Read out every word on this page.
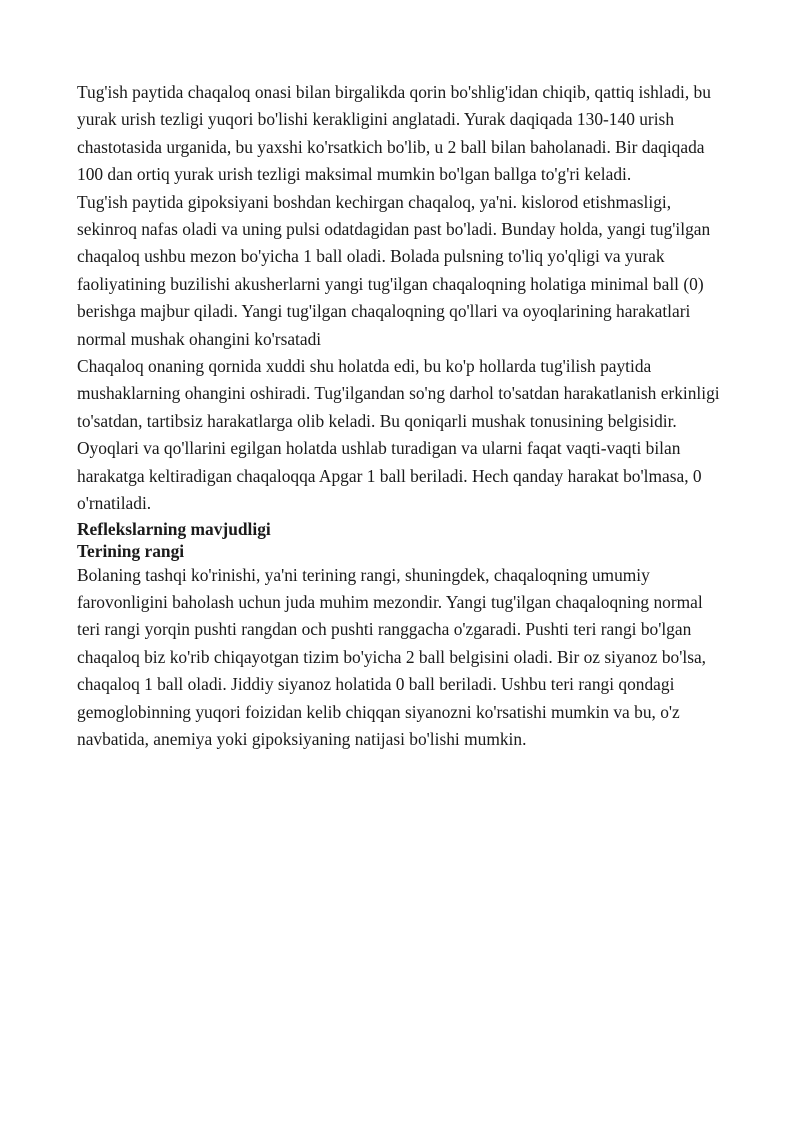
Tug'ish paytida chaqaloq onasi bilan birgalikda qorin bo'shlig'idan chiqib, qattiq ishladi, bu yurak urish tezligi yuqori bo'lishi kerakligini anglatadi. Yurak daqiqada 130-140 urish chastotasida urganida, bu yaxshi ko'rsatkich bo'lib, u 2 ball bilan baholanadi. Bir daqiqada 100 dan ortiq yurak urish tezligi maksimal mumkin bo'lgan ballga to'g'ri keladi.

Tug'ish paytida gipoksiyani boshdan kechirgan chaqaloq, ya'ni. kislorod etishmasligi, sekinroq nafas oladi va uning pulsi odatdagidan past bo'ladi. Bunday holda, yangi tug'ilgan chaqaloq ushbu mezon bo'yicha 1 ball oladi. Bolada pulsning to'liq yo'qligi va yurak faoliyatining buzilishi akusherlarni yangi tug'ilgan chaqaloqning holatiga minimal ball (0) berishga majbur qiladi. Yangi tug'ilgan chaqaloqning qo'llari va oyoqlarining harakatlari normal mushak ohangini ko'rsatadi

Chaqaloq onaning qornida xuddi shu holatda edi, bu ko'p hollarda tug'ilish paytida mushaklarning ohangini oshiradi. Tug'ilgandan so'ng darhol to'satdan harakatlanish erkinligi to'satdan, tartibsiz harakatlarga olib keladi. Bu qoniqarli mushak tonusining belgisidir.

Oyoqlari va qo'llarini egilgan holatda ushlab turadigan va ularni faqat vaqti-vaqti bilan harakatga keltiradigan chaqaloqqa Apgar 1 ball beriladi. Hech qanday harakat bo'lmasa, 0 o'rnatiladi.

Reflekslarning mavjudligi

Terining rangi

Bolaning tashqi ko'rinishi, ya'ni terining rangi, shuningdek, chaqaloqning umumiy farovonligini baholash uchun juda muhim mezondir. Yangi tug'ilgan chaqaloqning normal teri rangi yorqin pushti rangdan och pushti ranggacha o'zgaradi. Pushti teri rangi bo'lgan chaqaloq biz ko'rib chiqayotgan tizim bo'yicha 2 ball belgisini oladi. Bir oz siyanoz bo'lsa, chaqaloq 1 ball oladi. Jiddiy siyanoz holatida 0 ball beriladi. Ushbu teri rangi qondagi gemoglobinning yuqori foizidan kelib chiqqan siyanozni ko'rsatishi mumkin va bu, o'z navbatida, anemiya yoki gipoksiyaning natijasi bo'lishi mumkin.
